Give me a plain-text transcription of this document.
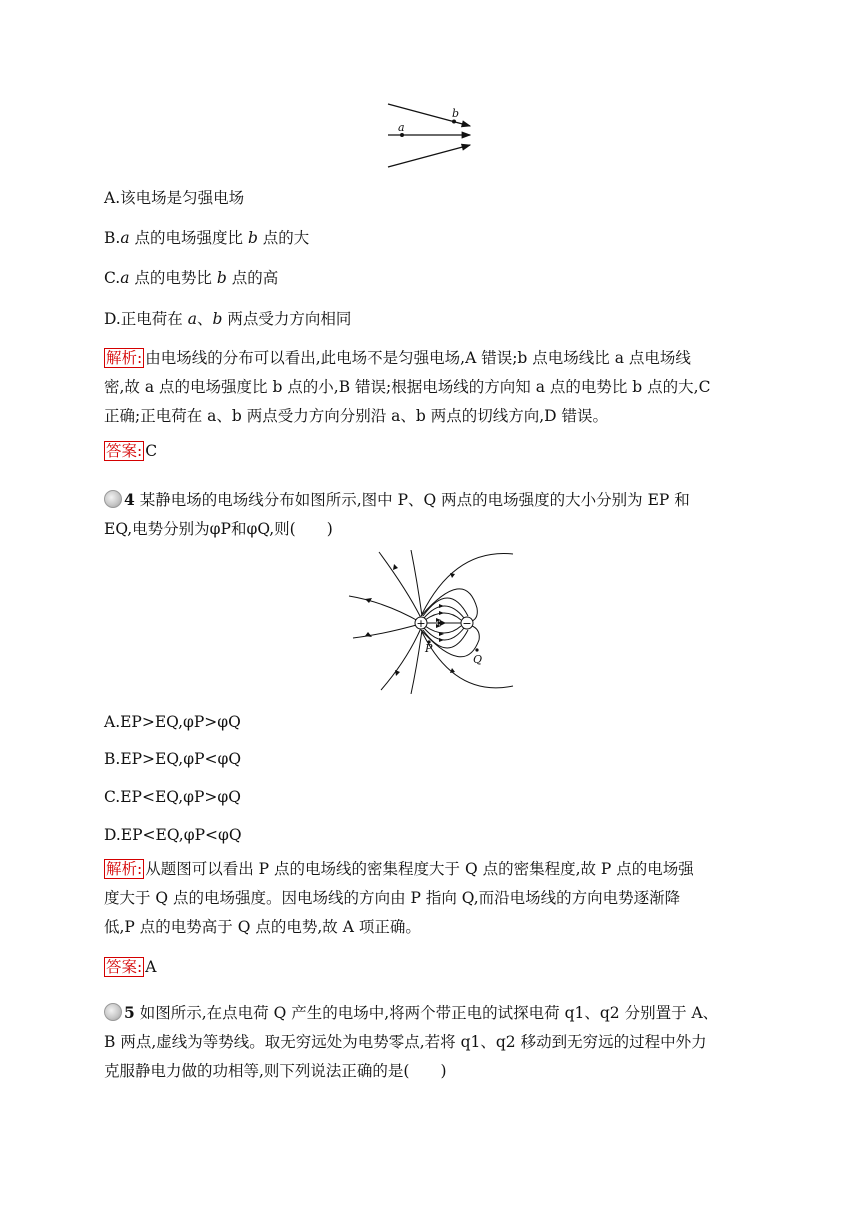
a
b
A.该电场是匀强电场
B.a 点的电场强度比 b 点的大
C.a 点的电势比 b 点的高
D.正电荷在 a、b 两点受力方向相同
解析: 由电场线的分布可以看出,此电场不是匀强电场,A 错误;b 点电场线比 a 点电场线
密,故 a 点的电场强度比 b 点的小,B 错误;根据电场线的方向知 a 点的电势比 b 点的大,C
正确;正电荷在 a、b 两点受力方向分别沿 a、b 两点的切线方向,D 错误。
答案: C
4 某静电场的电场线分布如图所示,图中 P、Q 两点的电场强度的大小分别为 EP 和
EQ,电势分别为φP和φQ,则(　　)
+	−
P
Q
A.EP>EQ,φP>φQ
B.EP>EQ,φP<φQ
C.EP<EQ,φP>φQ
D.EP<EQ,φP<φQ
解析: 从题图可以看出 P 点的电场线的密集程度大于 Q 点的密集程度,故 P 点的电场强
度大于 Q 点的电场强度。因电场线的方向由 P 指向 Q,而沿电场线的方向电势逐渐降
低,P 点的电势高于 Q 点的电势,故 A 项正确。
答案: A
5 如图所示,在点电荷 Q 产生的电场中,将两个带正电的试探电荷 q1、q2 分别置于 A、
B 两点,虚线为等势线。取无穷远处为电势零点,若将 q1、q2 移动到无穷远的过程中外力
克服静电力做的功相等,则下列说法正确的是(　　)
